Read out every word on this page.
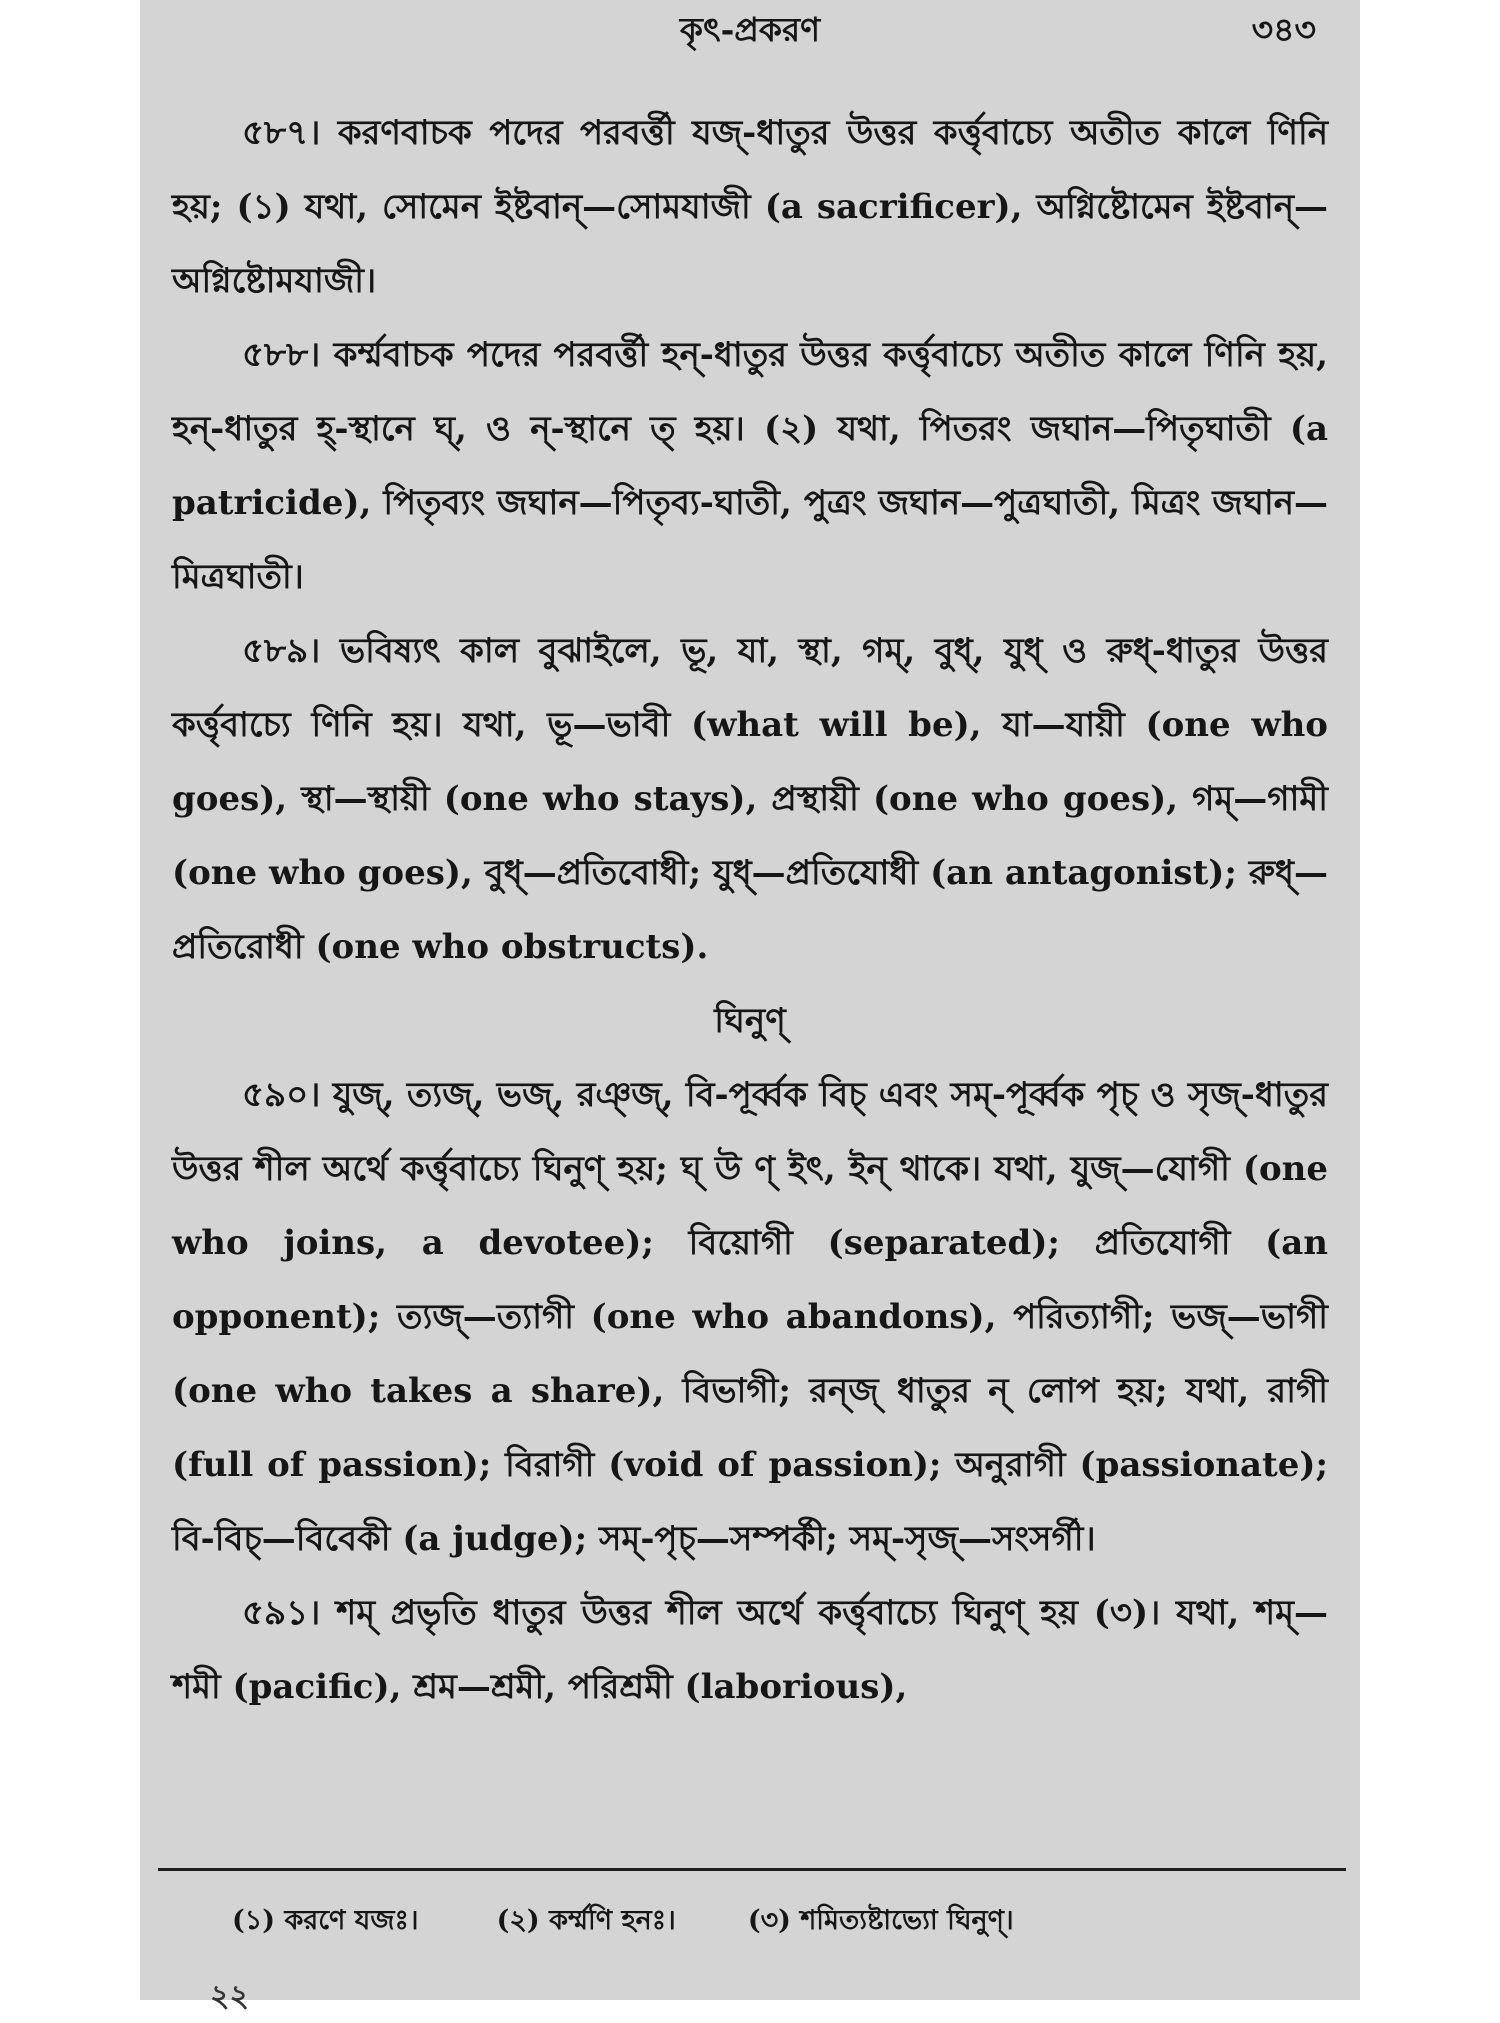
কৃৎ-প্রকরণ	৩৪৩

৫৮৭। করণবাচক পদের পরবর্ত্তী যজ্-ধাতুর উত্তর কর্ত্তৃবাচ্যে অতীত কালে ণিনি হয়; (১) যথা, সোমেন ইষ্টবান্—সোমযাজী (a sacrificer), অগ্নিষ্টোমেন ইষ্টবান্—অগ্নিষ্টোমযাজী।

৫৮৮। কর্ম্মবাচক পদের পরবর্ত্তী হন্-ধাতুর উত্তর কর্ত্তৃবাচ্যে অতীত কালে ণিনি হয়, হন্-ধাতুর হ্-স্থানে ঘ্, ও ন্-স্থানে ত্ হয়। (২) যথা, পিতরং জঘান—পিতৃঘাতী (a patricide), পিতৃব্যং জঘান—পিতৃব্য-ঘাতী, পুত্রং জঘান—পুত্রঘাতী, মিত্রং জঘান—মিত্রঘাতী।

৫৮৯। ভবিষ্যৎ কাল বুঝাইলে, ভূ, যা, স্থা, গম্, বুধ্, যুধ্ ও রুধ্-ধাতুর উত্তর কর্ত্তৃবাচ্যে ণিনি হয়। যথা, ভূ—ভাবী (what will be), যা—যায়ী (one who goes), স্থা—স্থায়ী (one who stays), প্রস্থায়ী (one who goes), গম্—গামী (one who goes), বুধ্—প্রতিবোধী; যুধ্—প্রতিযোধী (an antagonist); রুধ্—প্রতিরোধী (one who obstructs).

ঘিনুণ্

৫৯০। যুজ্, ত্যজ্, ভজ্, রঞ্জ্, বি-পূর্ব্বক বিচ্ এবং সম্-পূর্ব্বক পৃচ্ ও সৃজ্-ধাতুর উত্তর শীল অর্থে কর্ত্তৃবাচ্যে ঘিনুণ্ হয়; ঘ্ উ ণ্ ইৎ, ইন্ থাকে। যথা, যুজ্—যোগী (one who joins, a devotee); বিয়োগী (separated); প্রতিযোগী (an opponent); ত্যজ্—ত্যাগী (one who abandons), পরিত্যাগী; ভজ্—ভাগী (one who takes a share), বিভাগী; রন্জ্ ধাতুর ন্ লোপ হয়; যথা, রাগী (full of passion); বিরাগী (void of passion); অনুরাগী (passionate); বি-বিচ্—বিবেকী (a judge); সম্-পৃচ্—সম্পর্কী; সম্-সৃজ্—সংসর্গী।

৫৯১। শম্ প্রভৃতি ধাতুর উত্তর শীল অর্থে কর্ত্তৃবাচ্যে ঘিনুণ্ হয় (৩)। যথা, শম্—শমী (pacific), শ্রম—শ্রমী, পরিশ্রমী (laborious),

(১) করণে যজঃ।	(২) কর্ম্মণি হনঃ।	(৩) শমিত্যষ্টাভ্যো ঘিনুণ্।
২২
